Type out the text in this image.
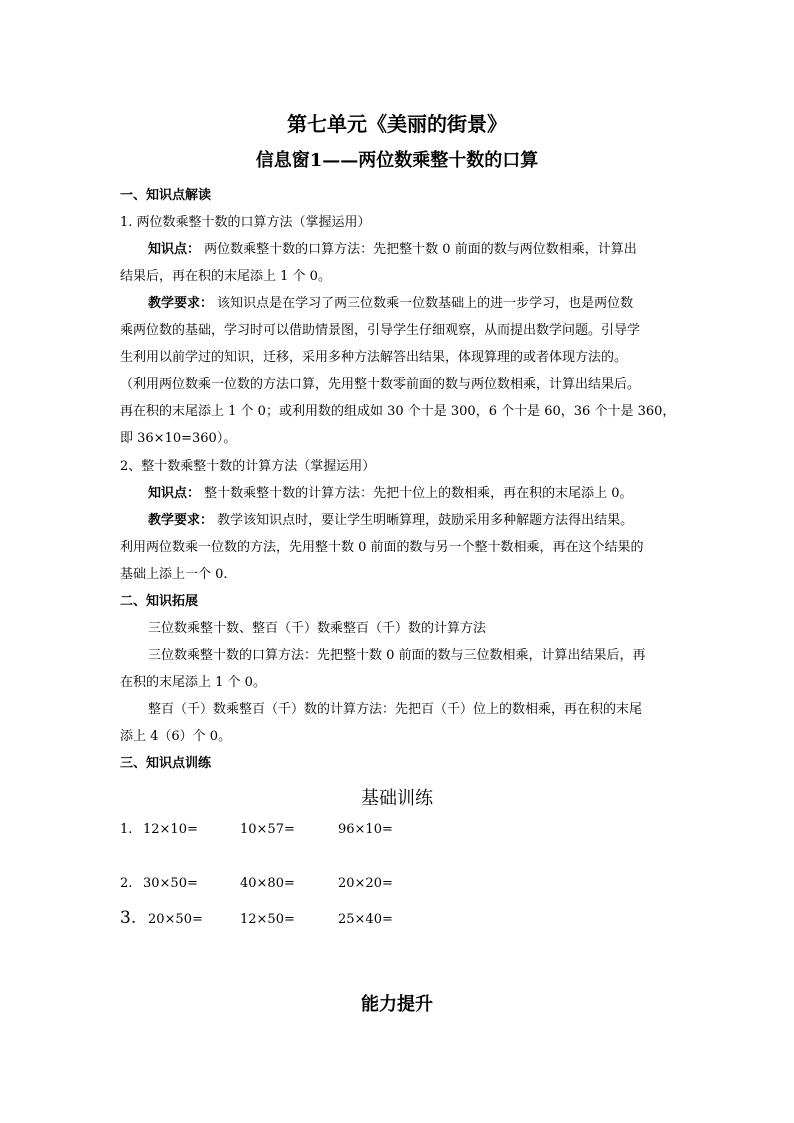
第七单元《美丽的街景》
信息窗1——两位数乘整十数的口算
一、知识点解读
1. 两位数乘整十数的口算方法（掌握运用）
知识点： 两位数乘整十数的口算方法：先把整十数 0 前面的数与两位数相乘，计算出
结果后，再在积的末尾添上 1 个 0。
教学要求： 该知识点是在学习了两三位数乘一位数基础上的进一步学习，也是两位数
乘两位数的基础，学习时可以借助情景图，引导学生仔细观察，从而提出数学问题。引导学
生利用以前学过的知识，迁移，采用多种方法解答出结果，体现算理的或者体现方法的。
（利用两位数乘一位数的方法口算，先用整十数零前面的数与两位数相乘，计算出结果后。
再在积的末尾添上 1 个 0；或利用数的组成如 30 个十是 300，6 个十是 60，36 个十是 360，
即 36×10=360）。
2、整十数乘整十数的计算方法（掌握运用）
知识点： 整十数乘整十数的计算方法：先把十位上的数相乘，再在积的末尾添上 0。
教学要求： 教学该知识点时，要让学生明晰算理，鼓励采用多种解题方法得出结果。
利用两位数乘一位数的方法，先用整十数 0 前面的数与另一个整十数相乘，再在这个结果的
基础上添上一个 0.
二、知识拓展
三位数乘整十数、整百（千）数乘整百（千）数的计算方法
三位数乘整十数的口算方法：先把整十数 0 前面的数与三位数相乘，计算出结果后，再
在积的末尾添上 1 个 0。
整百（千）数乘整百（千）数的计算方法：先把百（千）位上的数相乘，再在积的末尾
添上 4（6）个 0。
三、知识点训练
基础训练
1. 12×10=	10×57=	96×10=
2. 30×50=	40×80=	20×20=
3. 20×50=	12×50=	25×40=
能力提升
